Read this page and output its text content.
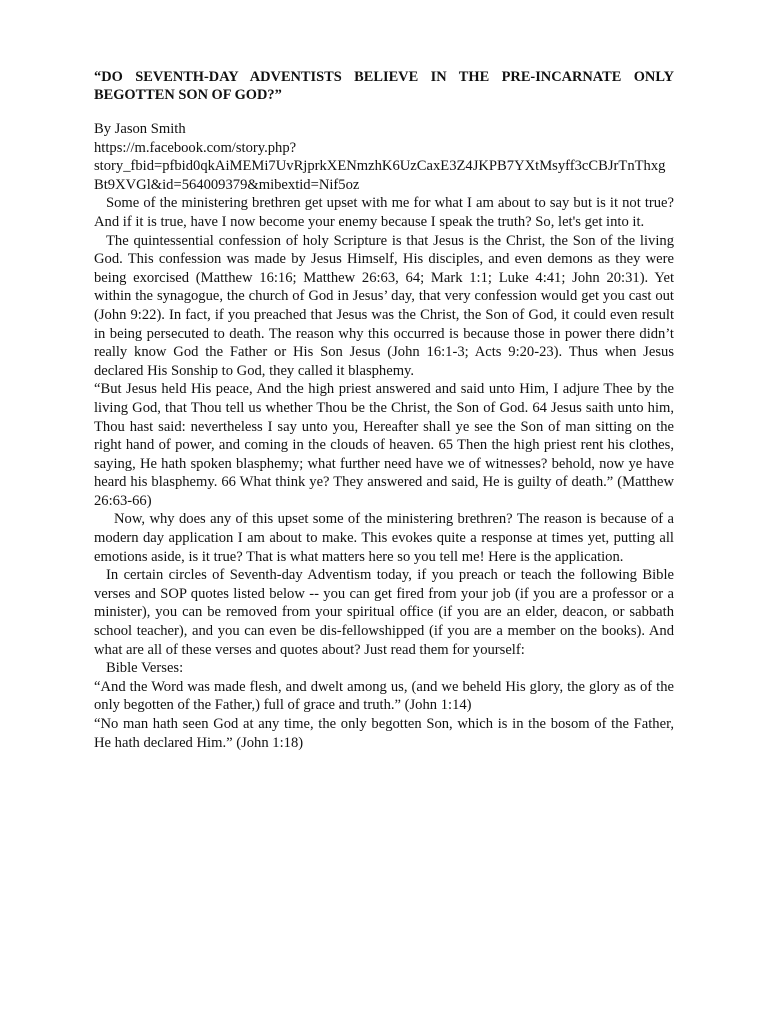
“DO SEVENTH-DAY ADVENTISTS BELIEVE IN THE PRE-INCARNATE ONLY BEGOTTEN SON OF GOD?”
By Jason Smith
https://m.facebook.com/story.php?
story_fbid=pfbid0qkAiMEMi7UvRjprkXENmzhK6UzCaxE3Z4JKPB7YXtMsyff3cCBJrTnThxgBt9XVGl&id=564009379&mibextid=Nif5oz

Some of the ministering brethren get upset with me for what I am about to say but is it not true? And if it is true, have I now become your enemy because I speak the truth? So, let's get into it.

The quintessential confession of holy Scripture is that Jesus is the Christ, the Son of the living God. This confession was made by Jesus Himself, His disciples, and even demons as they were being exorcised (Matthew 16:16; Matthew 26:63, 64; Mark 1:1; Luke 4:41; John 20:31). Yet within the synagogue, the church of God in Jesus’ day, that very confession would get you cast out (John 9:22). In fact, if you preached that Jesus was the Christ, the Son of God, it could even result in being persecuted to death. The reason why this occurred is because those in power there didn’t really know God the Father or His Son Jesus (John 16:1-3; Acts 9:20-23). Thus when Jesus declared His Sonship to God, they called it blasphemy.

“But Jesus held His peace, And the high priest answered and said unto Him, I adjure Thee by the living God, that Thou tell us whether Thou be the Christ, the Son of God. 64 Jesus saith unto him, Thou hast said: nevertheless I say unto you, Hereafter shall ye see the Son of man sitting on the right hand of power, and coming in the clouds of heaven. 65 Then the high priest rent his clothes, saying, He hath spoken blasphemy; what further need have we of witnesses? behold, now ye have heard his blasphemy. 66 What think ye? They answered and said, He is guilty of death.” (Matthew 26:63-66)

Now, why does any of this upset some of the ministering brethren? The reason is because of a modern day application I am about to make. This evokes quite a response at times yet, putting all emotions aside, is it true? That is what matters here so you tell me! Here is the application.

In certain circles of Seventh-day Adventism today, if you preach or teach the following Bible verses and SOP quotes listed below -- you can get fired from your job (if you are a professor or a minister), you can be removed from your spiritual office (if you are an elder, deacon, or sabbath school teacher), and you can even be dis-fellowshipped (if you are a member on the books). And what are all of these verses and quotes about? Just read them for yourself:

Bible Verses:

“And the Word was made flesh, and dwelt among us, (and we beheld His glory, the glory as of the only begotten of the Father,) full of grace and truth.” (John 1:14)

“No man hath seen God at any time, the only begotten Son, which is in the bosom of the Father, He hath declared Him.” (John 1:18)
